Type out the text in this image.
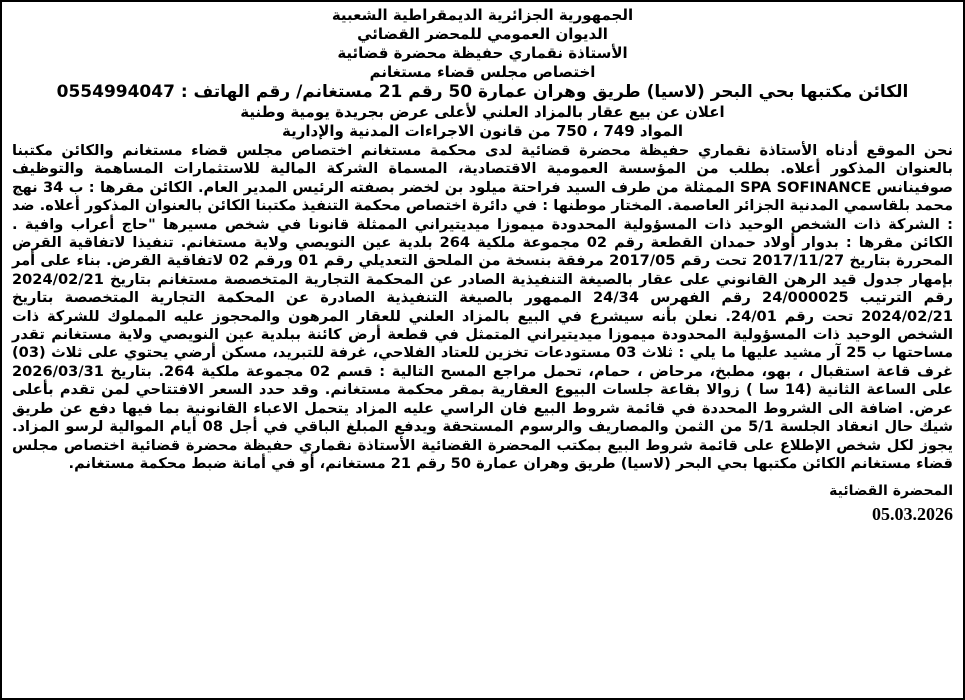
الجمهورية الجزائرية الديمقراطية الشعبية
الديوان العمومي للمحضر القضائي
الأستاذة نقماري حفيظة محضرة قضائية
اختصاص مجلس قضاء مستغانم
الكائن مكتبها بحي البحر (لاسيا) طريق وهران عمارة 50 رقم 21 مستغانم/ رقم الهاتف : 0554994047
اعلان عن بيع عقار بالمزاد العلني لأعلى عرض بجريدة يومية وطنية
المواد 749 ، 750 من قانون الاجراءات المدنية والإدارية

نحن الموقع أدناه الأستاذة نقماري حفيظة محضرة قضائية لدى محكمة مستغانم اختصاص مجلس قضاء مستغانم والكائن مكتبنا بالعنوان المذكور أعلاه. بطلب من المؤسسة العمومية الاقتصادية، المسماة الشركة المالية للاستثمارات المساهمة والتوظيف صوفينانس SPA SOFINANCE الممثلة من طرف السيد فراحتة ميلود بن لخضر بصفته الرئيس المدير العام. الكائن مقرها : ب 34 نهج محمد بلقاسمي المدنية الجزائر العاصمة. المختار موطنها : في دائرة اختصاص محكمة التنفيذ مكتبنا الكائن بالعنوان المذكور أعلاه. ضد : الشركة ذات الشخص الوحيد ذات المسؤولية المحدودة ميموزا ميديتيراني الممثلة قانونا في شخص مسيرها "حاج أعراب وافية . الكائن مقرها : بدوار أولاد حمدان القطعة رقم 02 مجموعة ملكية 264 بلدية عين النويصي ولاية مستغانم. تنفيذا لاتفاقية القرض المحررة بتاريخ 2017/11/27 تحت رقم 2017/05 مرفقة بنسخة من الملحق التعديلي رقم 01 ورقم 02 لاتفاقية القرض. بناء على أمر بإمهار جدول قيد الرهن القانوني على عقار بالصيغة التنفيذية الصادر عن المحكمة التجارية المتخصصة مستغانم بتاريخ 2024/02/21 رقم الترتيب 24/000025 رقم الفهرس 24/34 الممهور بالصيغة التنفيذية الصادرة عن المحكمة التجارية المتخصصة بتاريخ 2024/02/21 تحت رقم 24/01. نعلن بأنه سيشرع في البيع بالمزاد العلني للعقار المرهون والمحجوز عليه المملوك للشركة ذات الشخص الوحيد ذات المسؤولية المحدودة ميموزا ميديتيراني المتمثل في قطعة أرض كائنة ببلدية عين النويصي ولاية مستغانم تقدر مساحتها ب 25 آر مشيد عليها ما يلي : ثلاث 03 مستودعات تخزين للعتاد الفلاحي، غرفة للتبريد، مسكن أرضي يحتوي على ثلاث (03) غرف قاعة استقبال ، بهو، مطبخ، مرحاض ، حمام، تحمل مراجع المسح التالية : قسم 02 مجموعة ملكية 264. بتاريخ 2026/03/31 على الساعة الثانية (14 سا ) زوالا بقاعة جلسات البيوع العقارية بمقر محكمة مستغانم. وقد حدد السعر الافتتاحي لمن تقدم بأعلى عرض. اضافة الى الشروط المحددة في قائمة شروط البيع فان الراسي عليه المزاد يتحمل الاعباء القانونية بما فيها دفع عن طريق شيك حال انعقاد الجلسة 5/1 من الثمن والمصاريف والرسوم المستحقة ويدفع المبلغ الباقي في أجل 08 أيام الموالية لرسو المزاد. يجوز لكل شخص الإطلاع على قائمة شروط البيع بمكتب المحضرة القضائية الأستاذة نقماري حفيظة محضرة قضائية اختصاص مجلس قضاء مستغانم الكائن مكتبها بحي البحر (لاسيا) طريق وهران عمارة 50 رقم 21 مستغانم، أو في أمانة ضبط محكمة مستغانم.

المحضرة القضائية
05.03.2026
